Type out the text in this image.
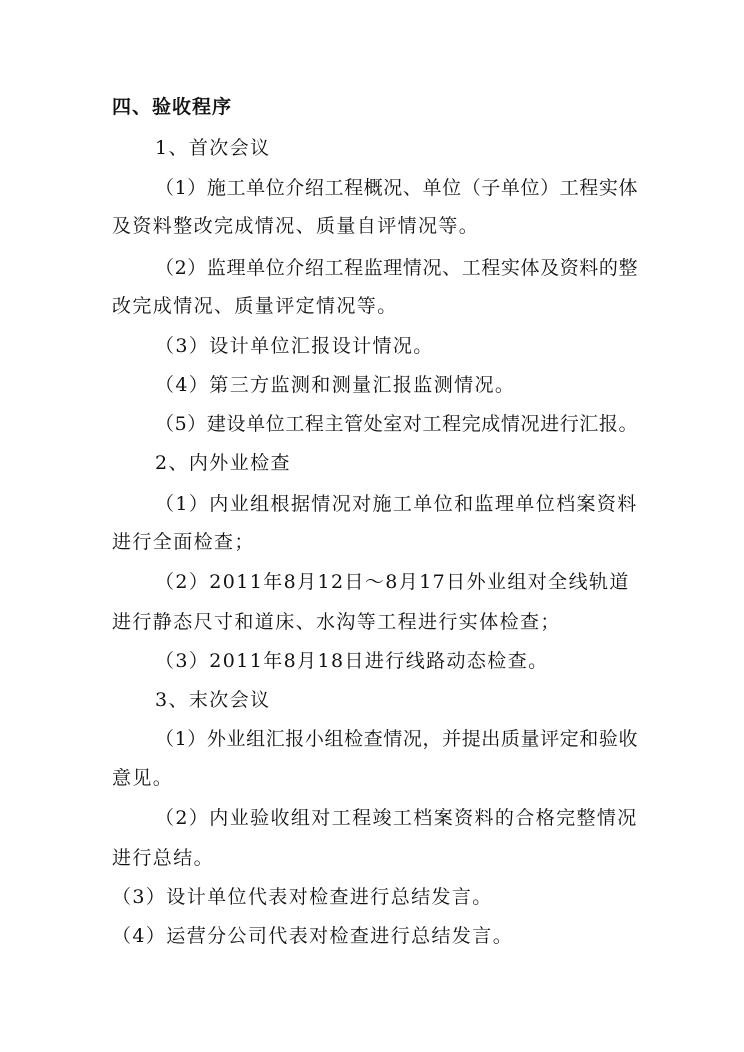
四、验收程序
1、首次会议
（1）施工单位介绍工程概况、单位（子单位）工程实体
及资料整改完成情况、质量自评情况等。
（2）监理单位介绍工程监理情况、工程实体及资料的整
改完成情况、质量评定情况等。
（3）设计单位汇报设计情况。
（4）第三方监测和测量汇报监测情况。
（5）建设单位工程主管处室对工程完成情况进行汇报。
2、内外业检查
（1）内业组根据情况对施工单位和监理单位档案资料
进行全面检查；
（2）2011年8月12日～8月17日外业组对全线轨道
进行静态尺寸和道床、水沟等工程进行实体检查；
（3）2011年8月18日进行线路动态检查。
3、末次会议
（1）外业组汇报小组检查情况，并提出质量评定和验收
意见。
（2）内业验收组对工程竣工档案资料的合格完整情况
进行总结。
（3）设计单位代表对检查进行总结发言。
（4）运营分公司代表对检查进行总结发言。
